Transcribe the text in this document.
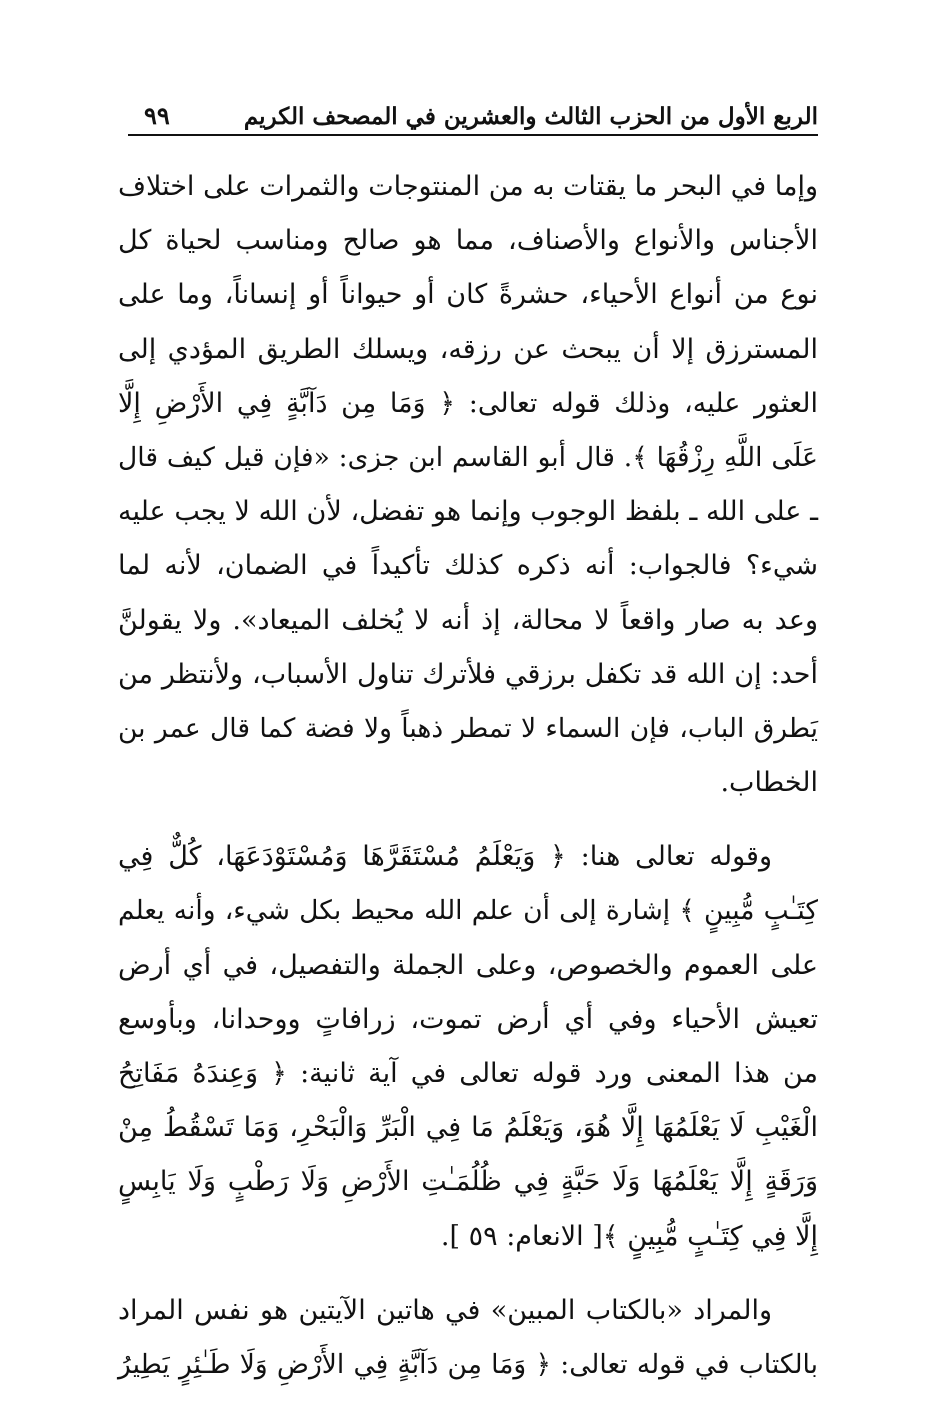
٩٩	الربع الأول من الحزب الثالث والعشرين في المصحف الكريم

وإما في البحر ما يقتات به من المنتوجات والثمرات على اختلاف
الأجناس والأنواع والأصناف، مما هو صالح ومناسب لحياة كل
نوع من أنواع الأحياء، حشرةً كان أو حيواناً أو إنساناً، وما على
المسترزق إلا أن يبحث عن رزقه، ويسلك الطريق المؤدي إلى
العثور عليه، وذلك قوله تعالى: ﴿ وَمَا مِن دَآبَّةٍ فِي الأَرْضِ إِلَّا
عَلَى اللَّهِ رِزْقُهَا ﴾. قال أبو القاسم ابن جزى: «فإن قيل كيف قال
ـ على الله ـ بلفظ الوجوب وإنما هو تفضل، لأن الله لا يجب عليه
شيء؟ فالجواب: أنه ذكره كذلك تأكيداً في الضمان، لأنه لما
وعد به صار واقعاً لا محالة، إذ أنه لا يُخلف الميعاد». ولا يقولنَّ
أحد: إن الله قد تكفل برزقي فلأترك تناول الأسباب، ولأنتظر من
يَطرق الباب، فإن السماء لا تمطر ذهباً ولا فضة كما قال عمر بن
الخطاب.

وقوله تعالى هنا: ﴿ وَيَعْلَمُ مُسْتَقَرَّهَا وَمُسْتَوْدَعَهَا، كُلٌّ فِي
كِتَـٰبٍ مُّبِينٍ ﴾ إشارة إلى أن علم الله محيط بكل شيء، وأنه يعلم
على العموم والخصوص، وعلى الجملة والتفصيل، في أي أرض
تعيش الأحياء وفي أي أرض تموت، زرافاتٍ ووحدانا، وبأوسع
من هذا المعنى ورد قوله تعالى في آية ثانية: ﴿ وَعِندَهُ مَفَاتِحُ
الْغَيْبِ لَا يَعْلَمُهَا إِلَّا هُوَ، وَيَعْلَمُ مَا فِي الْبَرِّ وَالْبَحْرِ، وَمَا تَسْقُطُ مِنْ
وَرَقَةٍ إِلَّا يَعْلَمُهَا وَلَا حَبَّةٍ فِي ظُلُمَـٰتِ الأَرْضِ وَلَا رَطْبٍ وَلَا يَابِسٍ
إِلَّا فِي كِتَـٰبٍ مُّبِينٍ ﴾[ الانعام: ٥٩ ].

والمراد «بالكتاب المبين» في هاتين الآيتين هو نفس المراد
بالكتاب في قوله تعالى: ﴿ وَمَا مِن دَآبَّةٍ فِي الأَرْضِ وَلَا طَـٰئِرٍ يَطِيرُ
